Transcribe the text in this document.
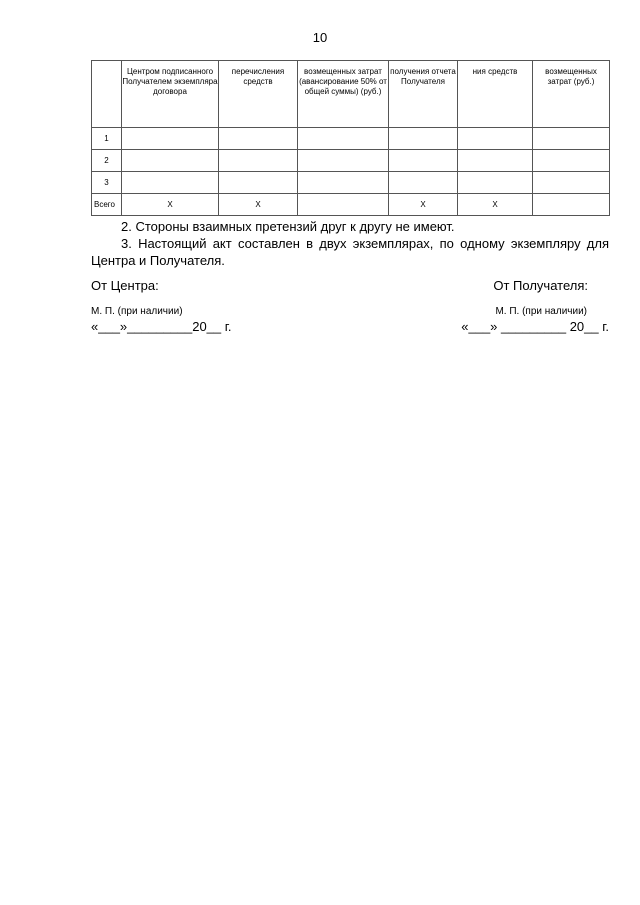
10
	Центром подписанного Получателем экземпляра договора	перечисления средств	возмещенных затрат (авансирование 50% от общей суммы) (руб.)	получения отчета Получателя	ния средств	возмещенных затрат (руб.)
1						
2						
3						
Всего	Х	Х		Х	Х	
2. Стороны взаимных претензий друг к другу не имеют.
3. Настоящий акт составлен в двух экземплярах, по одному экземпляру для Центра и Получателя.
От Центра:	От Получателя:
М. П. (при наличии)	М. П. (при наличии)
«___»_________20__ г.	«___» _________ 20__ г.
